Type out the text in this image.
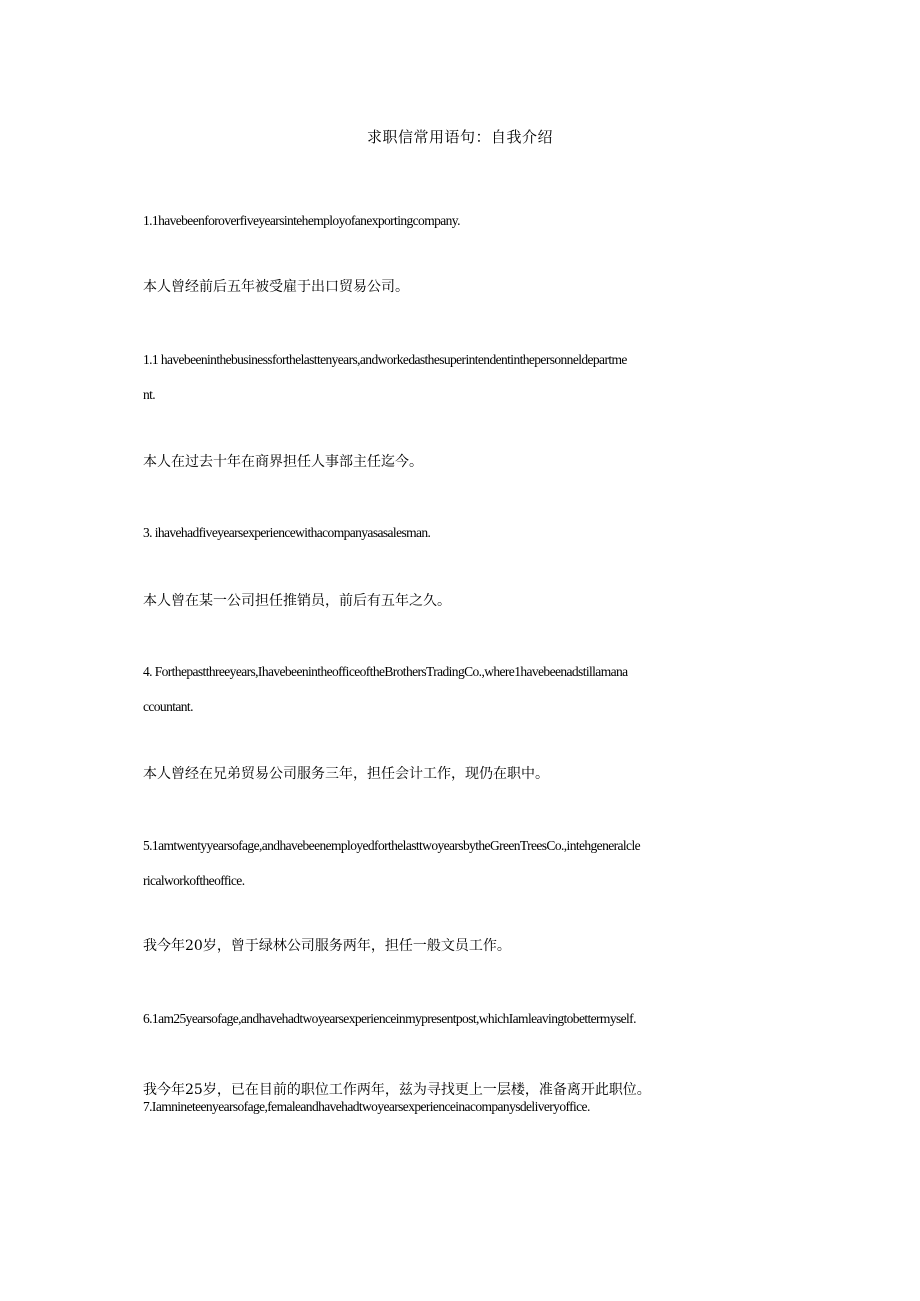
求职信常用语句：自我介绍
1.1havebeenforoverfiveyearsintehemployofanexportingcompany.
本人曾经前后五年被受雇于出口贸易公司。
1.1 havebeeninthebusinessforthelasttenyears,andworkedasthesuperintendentinthepersonneldepartme
nt.
本人在过去十年在商界担任人事部主任迄今。
3. ihavehadfiveyearsexperiencewithacompanyasasalesman.
本人曾在某一公司担任推销员，前后有五年之久。
4. Forthepastthreeyears,IhavebeenintheofficeoftheBrothersTradingCo.,where1havebeenadstillamana
ccountant.
本人曾经在兄弟贸易公司服务三年，担任会计工作，现仍在职中。
5.1amtwentyyearsofage,andhavebeenemployedforthelasttwoyearsbytheGreenTreesCo.,intehgeneralcle
ricalworkoftheoffice.
我今年20岁，曾于绿林公司服务两年，担任一般文员工作。
6.1am25yearsofage,andhavehadtwoyearsexperienceinmypresentpost,whichIamleavingtobettermyself.
我今年25岁，已在目前的职位工作两年，兹为寻找更上一层楼，准备离开此职位。
7.Iamnineteenyearsofage,femaleandhavehadtwoyearsexperienceinacompanysdeliveryoffice.
